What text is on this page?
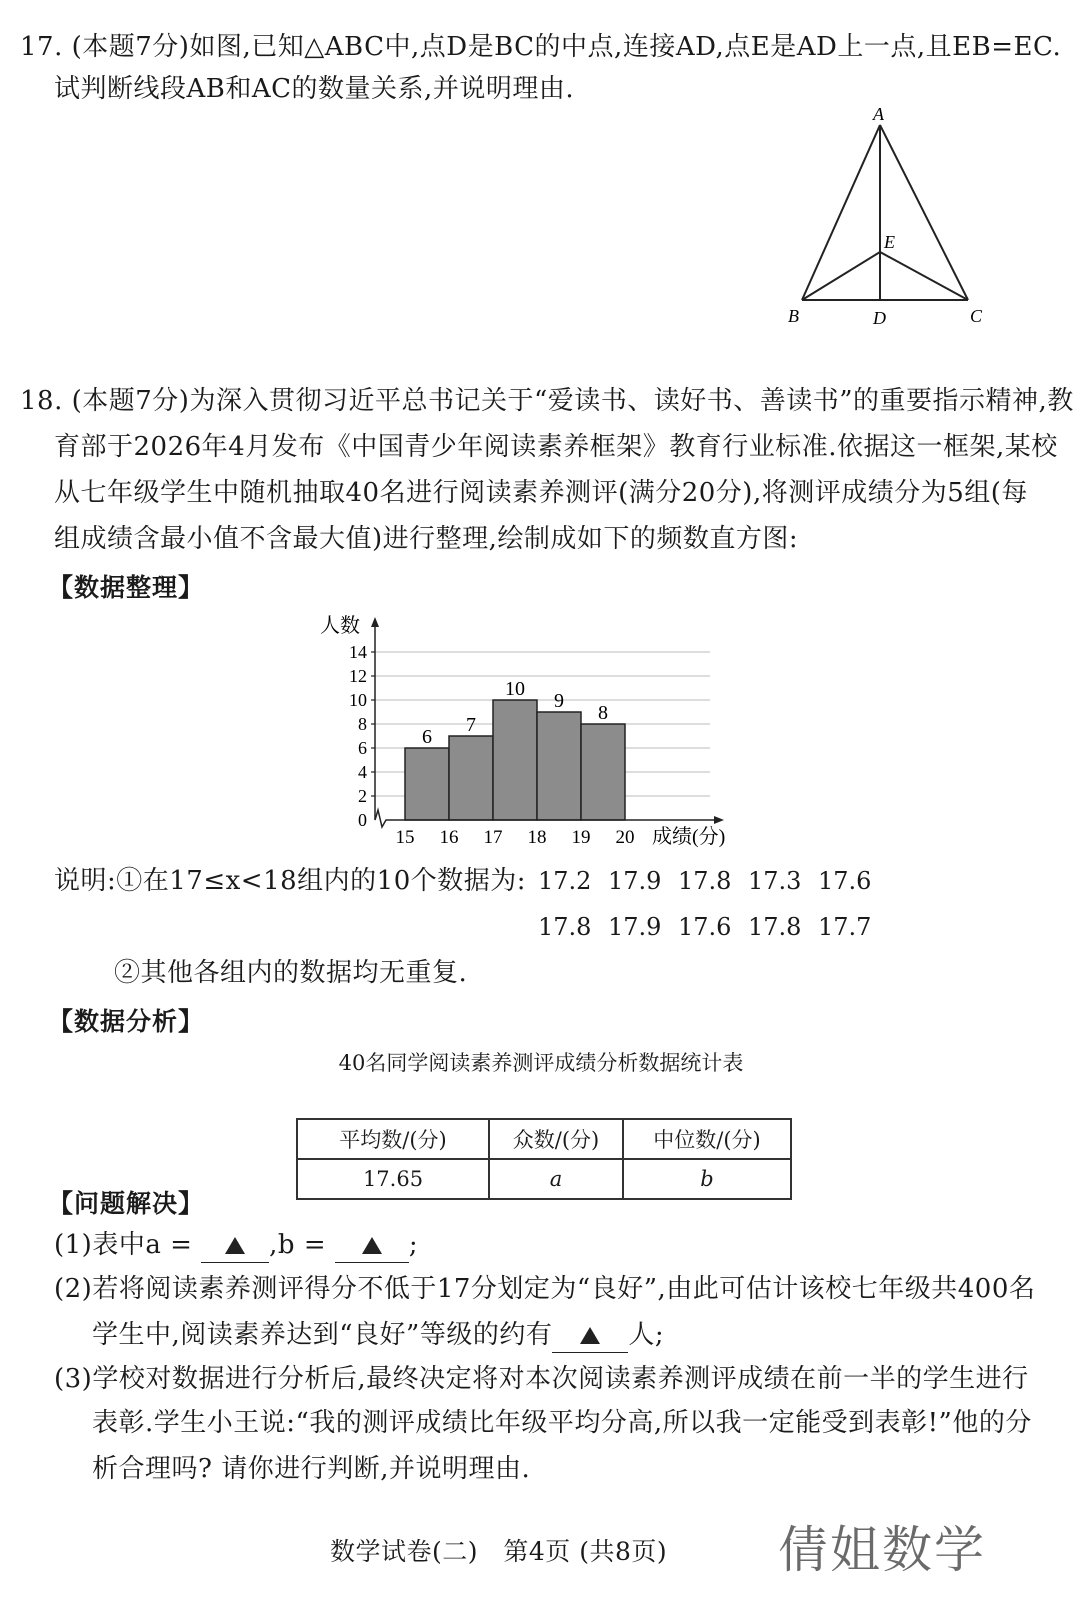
17. (本题7分)如图,已知△ABC中,点D是BC的中点,连接AD,点E是AD上一点,且EB=EC.
试判断线段AB和AC的数量关系,并说明理由.
A
E
B	D	C
18. (本题7分)为深入贯彻习近平总书记关于“爱读书、读好书、善读书”的重要指示精神,教
育部于2026年4月发布《中国青少年阅读素养框架》教育行业标准.依据这一框架,某校
从七年级学生中随机抽取40名进行阅读素养测评(满分20分),将测评成绩分为5组(每
组成绩含最小值不含最大值)进行整理,绘制成如下的频数直方图:
【数据整理】
6
7
10
9
8
0
2
4
6
8
10
12
14
15 16 17 18 19 20
人数
成绩(分)
说明:①在17≤x<18组内的10个数据为: 17.2 17.9 17.8 17.3 17.6
17.8 17.9 17.6 17.8 17.7
②其他各组内的数据均无重复.
【数据分析】
40名同学阅读素养测评成绩分析数据统计表
平均数/(分)	众数/(分)	中位数/(分)
17.65	a	b
【问题解决】
(1)表中a =	,b =	;
(2)若将阅读素养测评得分不低于17分划定为“良好”,由此可估计该校七年级共400名
学生中,阅读素养达到“良好”等级的约有	人;
(3)学校对数据进行分析后,最终决定将对本次阅读素养测评成绩在前一半的学生进行
表彰.学生小王说:“我的测评成绩比年级平均分高,所以我一定能受到表彰!”他的分
析合理吗? 请你进行判断,并说明理由.
数学试卷(二)   第4页 (共8页) 倩姐数学
